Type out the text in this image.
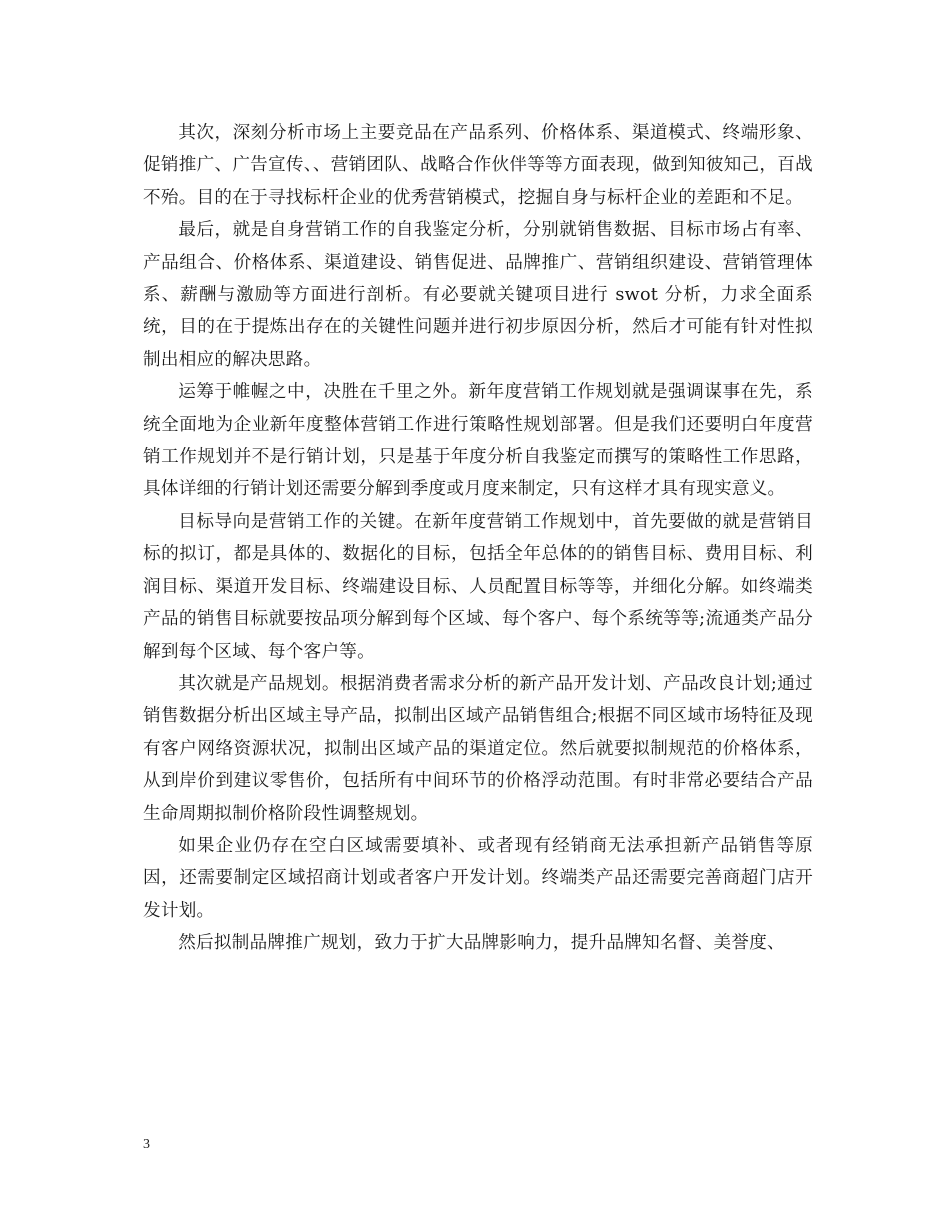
其次，深刻分析市场上主要竞品在产品系列、价格体系、渠道模式、终端形象、促销推广、广告宣传、、营销团队、战略合作伙伴等等方面表现，做到知彼知己，百战不殆。目的在于寻找标杆企业的优秀营销模式，挖掘自身与标杆企业的差距和不足。

最后，就是自身营销工作的自我鉴定分析，分别就销售数据、目标市场占有率、产品组合、价格体系、渠道建设、销售促进、品牌推广、营销组织建设、营销管理体系、薪酬与激励等方面进行剖析。有必要就关键项目进行 swot 分析，力求全面系统，目的在于提炼出存在的关键性问题并进行初步原因分析，然后才可能有针对性拟制出相应的解决思路。

运筹于帷幄之中，决胜在千里之外。新年度营销工作规划就是强调谋事在先，系统全面地为企业新年度整体营销工作进行策略性规划部署。但是我们还要明白年度营销工作规划并不是行销计划，只是基于年度分析自我鉴定而撰写的策略性工作思路，具体详细的行销计划还需要分解到季度或月度来制定，只有这样才具有现实意义。

目标导向是营销工作的关键。在新年度营销工作规划中，首先要做的就是营销目标的拟订，都是具体的、数据化的目标，包括全年总体的的销售目标、费用目标、利润目标、渠道开发目标、终端建设目标、人员配置目标等等，并细化分解。如终端类产品的销售目标就要按品项分解到每个区域、每个客户、每个系统等等;流通类产品分解到每个区域、每个客户等。

其次就是产品规划。根据消费者需求分析的新产品开发计划、产品改良计划;通过销售数据分析出区域主导产品，拟制出区域产品销售组合;根据不同区域市场特征及现有客户网络资源状况，拟制出区域产品的渠道定位。然后就要拟制规范的价格体系，从到岸价到建议零售价，包括所有中间环节的价格浮动范围。有时非常必要结合产品生命周期拟制价格阶段性调整规划。

如果企业仍存在空白区域需要填补、或者现有经销商无法承担新产品销售等原因，还需要制定区域招商计划或者客户开发计划。终端类产品还需要完善商超门店开发计划。

然后拟制品牌推广规划，致力于扩大品牌影响力，提升品牌知名督、美誉度、

3
